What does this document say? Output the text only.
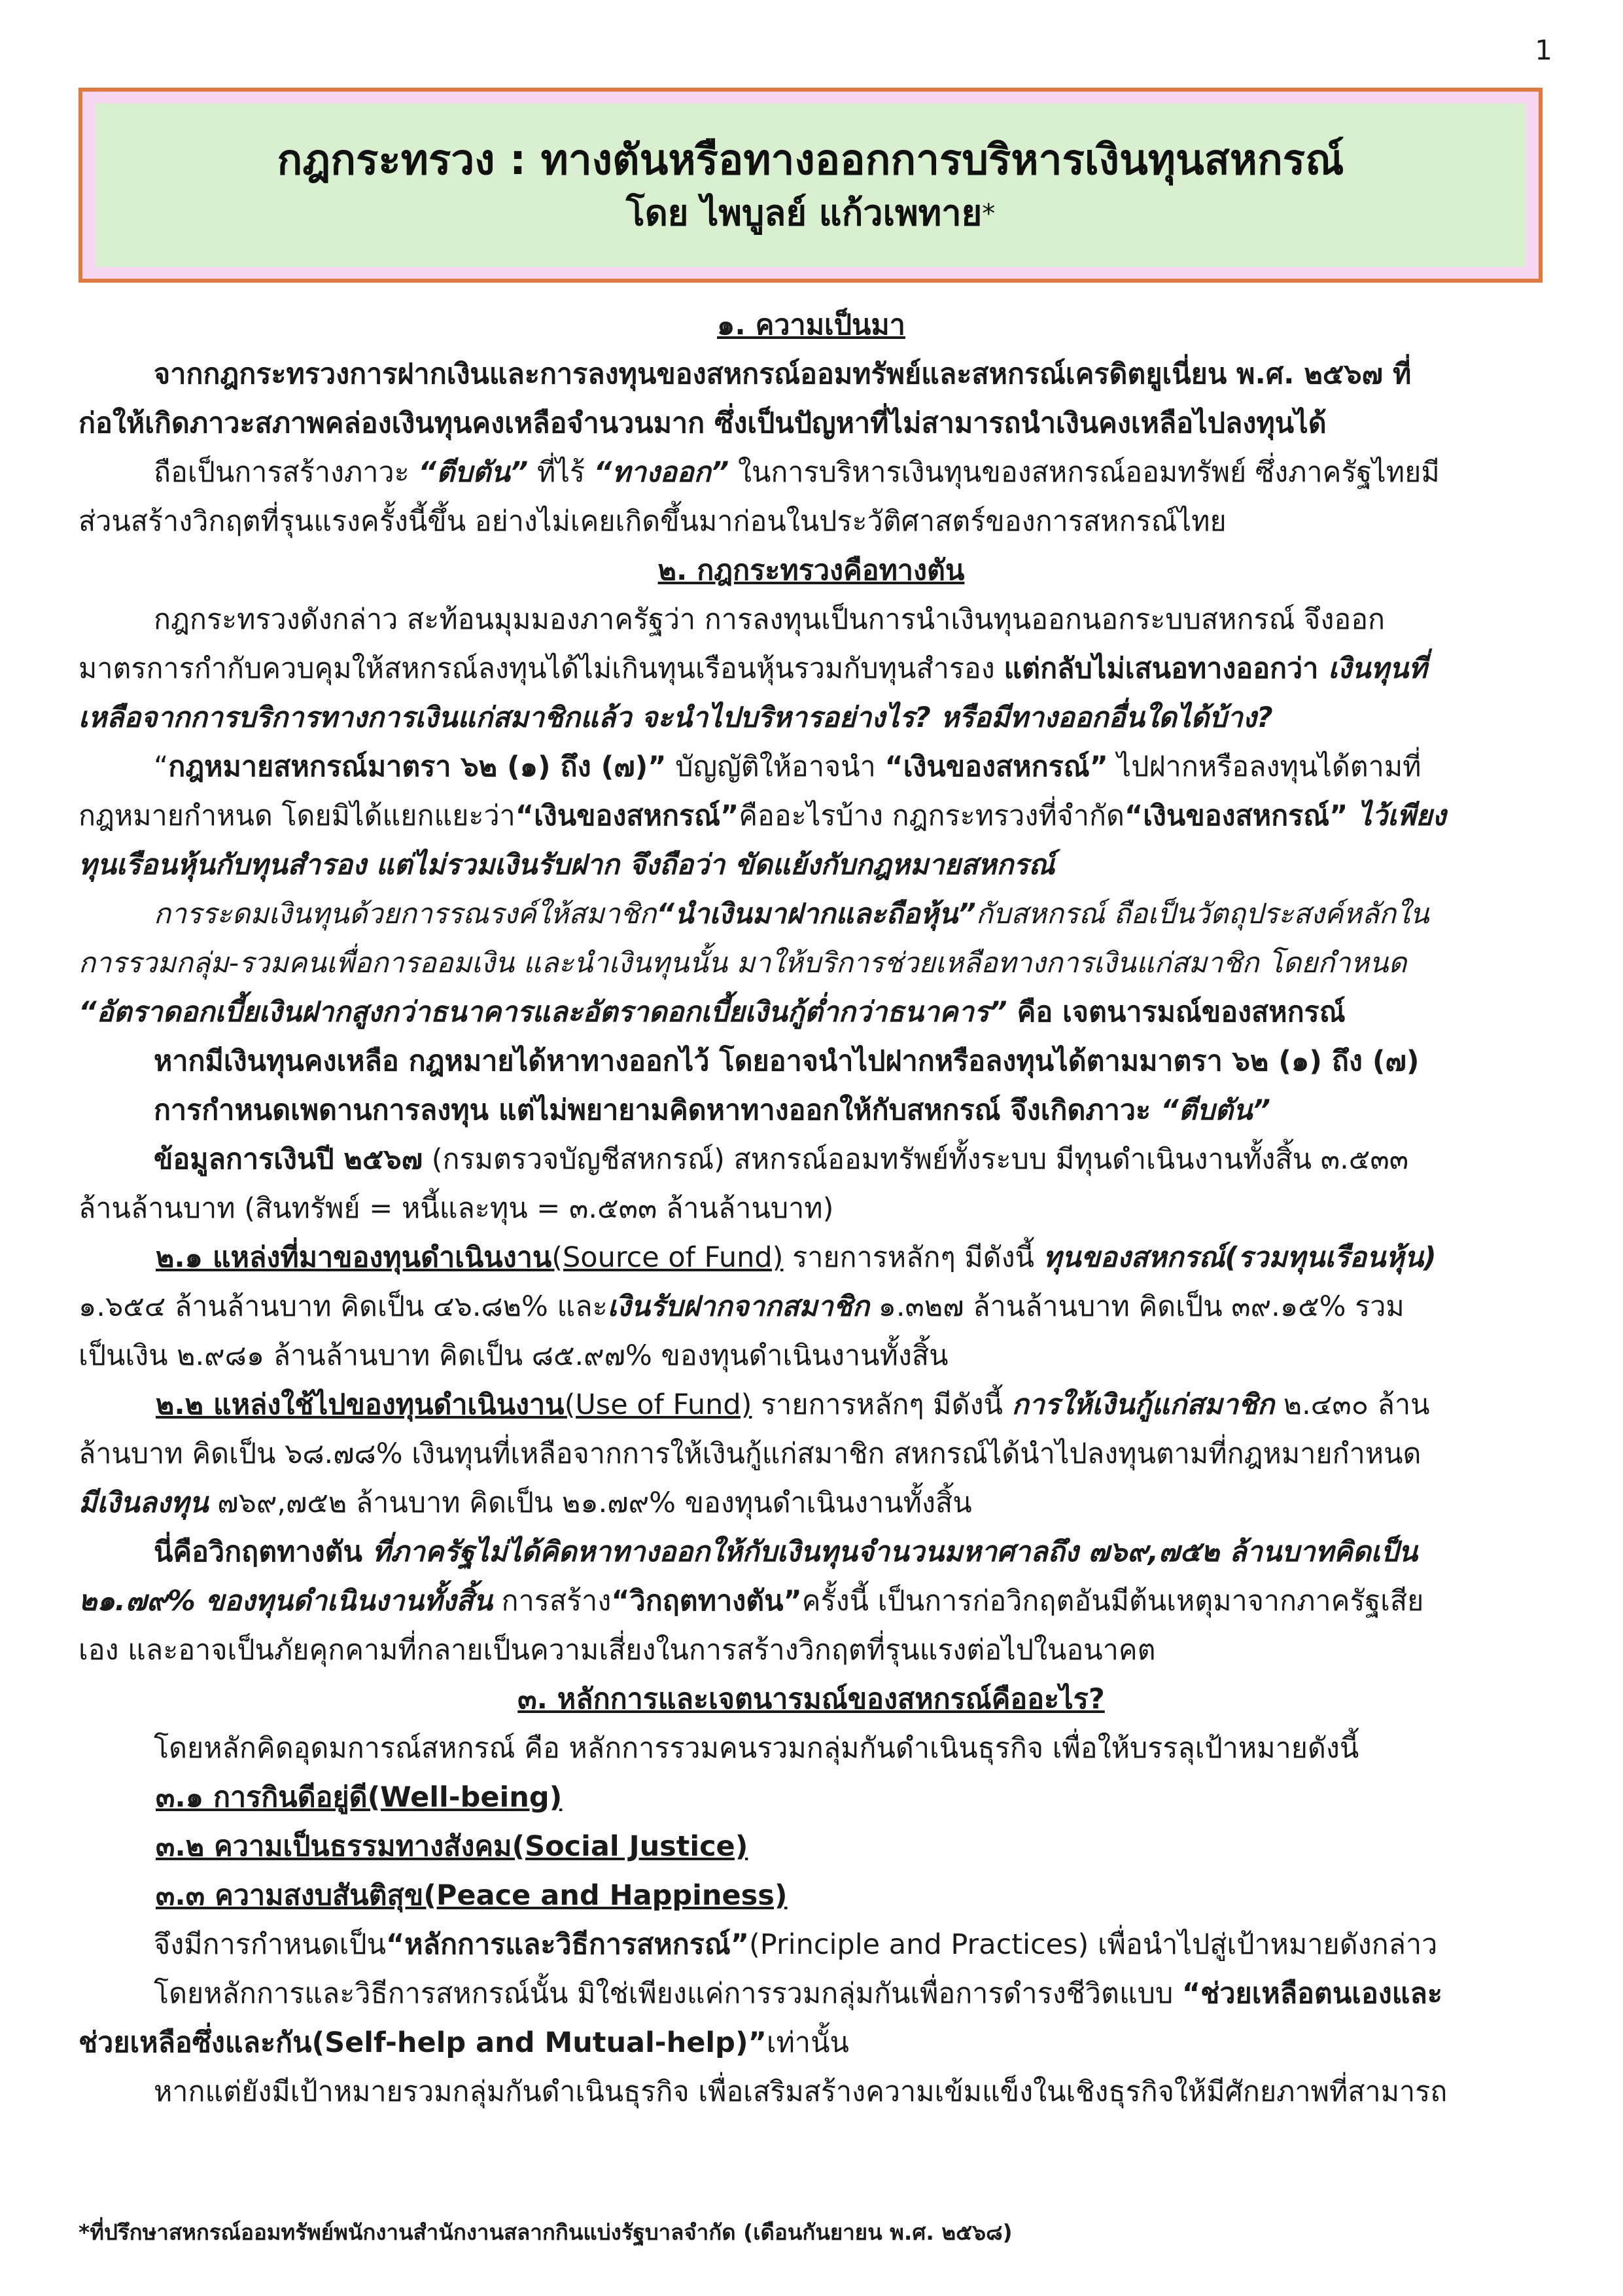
1
กฎกระทรวง : ทางตันหรือทางออกการบริหารเงินทุนสหกรณ์
โดย ไพบูลย์ แก้วเพทาย*
๑. ความเป็นมา
จากกฎกระทรวงการฝากเงินและการลงทุนของสหกรณ์ออมทรัพย์และสหกรณ์เครดิตยูเนี่ยน พ.ศ. ๒๕๖๗ ที่
ก่อให้เกิดภาวะสภาพคล่องเงินทุนคงเหลือจำนวนมาก ซึ่งเป็นปัญหาที่ไม่สามารถนำเงินคงเหลือไปลงทุนได้
ถือเป็นการสร้างภาวะ “ตีบตัน” ที่ไร้ “ทางออก” ในการบริหารเงินทุนของสหกรณ์ออมทรัพย์ ซึ่งภาครัฐไทยมี
ส่วนสร้างวิกฤตที่รุนแรงครั้งนี้ขึ้น อย่างไม่เคยเกิดขึ้นมาก่อนในประวัติศาสตร์ของการสหกรณ์ไทย
๒. กฎกระทรวงคือทางตัน
กฎกระทรวงดังกล่าว สะท้อนมุมมองภาครัฐว่า การลงทุนเป็นการนำเงินทุนออกนอกระบบสหกรณ์ จึงออก
มาตรการกำกับควบคุมให้สหกรณ์ลงทุนได้ไม่เกินทุนเรือนหุ้นรวมกับทุนสำรอง แต่กลับไม่เสนอทางออกว่า เงินทุนที่
เหลือจากการบริการทางการเงินแก่สมาชิกแล้ว จะนำไปบริหารอย่างไร? หรือมีทางออกอื่นใดได้บ้าง?
“กฎหมายสหกรณ์มาตรา ๖๒ (๑) ถึง (๗)” บัญญัติให้อาจนำ “เงินของสหกรณ์” ไปฝากหรือลงทุนได้ตามที่
กฎหมายกำหนด โดยมิได้แยกแยะว่า“เงินของสหกรณ์”คืออะไรบ้าง กฎกระทรวงที่จำกัด“เงินของสหกรณ์” ไว้เพียง
ทุนเรือนหุ้นกับทุนสำรอง แต่ไม่รวมเงินรับฝาก จึงถือว่า ขัดแย้งกับกฎหมายสหกรณ์
การระดมเงินทุนด้วยการรณรงค์ให้สมาชิก“นำเงินมาฝากและถือหุ้น”กับสหกรณ์ ถือเป็นวัตถุประสงค์หลักใน
การรวมกลุ่ม-รวมคนเพื่อการออมเงิน และนำเงินทุนนั้น มาให้บริการช่วยเหลือทางการเงินแก่สมาชิก โดยกำหนด
“อัตราดอกเบี้ยเงินฝากสูงกว่าธนาคารและอัตราดอกเบี้ยเงินกู้ต่ำกว่าธนาคาร” คือ เจตนารมณ์ของสหกรณ์
หากมีเงินทุนคงเหลือ กฎหมายได้หาทางออกไว้ โดยอาจนำไปฝากหรือลงทุนได้ตามมาตรา ๖๒ (๑) ถึง (๗)
การกำหนดเพดานการลงทุน แต่ไม่พยายามคิดหาทางออกให้กับสหกรณ์ จึงเกิดภาวะ “ตีบตัน”
ข้อมูลการเงินปี ๒๕๖๗ (กรมตรวจบัญชีสหกรณ์) สหกรณ์ออมทรัพย์ทั้งระบบ มีทุนดำเนินงานทั้งสิ้น ๓.๕๓๓
ล้านล้านบาท (สินทรัพย์ = หนี้และทุน = ๓.๕๓๓ ล้านล้านบาท)
๒.๑ แหล่งที่มาของทุนดำเนินงาน(Source of Fund) รายการหลักๆ มีดังนี้ ทุนของสหกรณ์(รวมทุนเรือนหุ้น)
๑.๖๕๔ ล้านล้านบาท คิดเป็น ๔๖.๘๒% และเงินรับฝากจากสมาชิก ๑.๓๒๗ ล้านล้านบาท คิดเป็น ๓๙.๑๕% รวม
เป็นเงิน ๒.๙๘๑ ล้านล้านบาท คิดเป็น ๘๕.๙๗% ของทุนดำเนินงานทั้งสิ้น
๒.๒ แหล่งใช้ไปของทุนดำเนินงาน(Use of Fund) รายการหลักๆ มีดังนี้ การให้เงินกู้แก่สมาชิก ๒.๔๓๐ ล้าน
ล้านบาท คิดเป็น ๖๘.๗๘% เงินทุนที่เหลือจากการให้เงินกู้แก่สมาชิก สหกรณ์ได้นำไปลงทุนตามที่กฎหมายกำหนด
มีเงินลงทุน ๗๖๙,๗๕๒ ล้านบาท คิดเป็น ๒๑.๗๙% ของทุนดำเนินงานทั้งสิ้น
นี่คือวิกฤตทางตัน ที่ภาครัฐไม่ได้คิดหาทางออกให้กับเงินทุนจำนวนมหาศาลถึง ๗๖๙,๗๕๒ ล้านบาทคิดเป็น
๒๑.๗๙% ของทุนดำเนินงานทั้งสิ้น การสร้าง“วิกฤตทางตัน”ครั้งนี้ เป็นการก่อวิกฤตอันมีต้นเหตุมาจากภาครัฐเสีย
เอง และอาจเป็นภัยคุกคามที่กลายเป็นความเสี่ยงในการสร้างวิกฤตที่รุนแรงต่อไปในอนาคต
๓. หลักการและเจตนารมณ์ของสหกรณ์คืออะไร?
โดยหลักคิดอุดมการณ์สหกรณ์ คือ หลักการรวมคนรวมกลุ่มกันดำเนินธุรกิจ เพื่อให้บรรลุเป้าหมายดังนี้
๓.๑ การกินดีอยู่ดี(Well-being)
๓.๒ ความเป็นธรรมทางสังคม(Social Justice)
๓.๓ ความสงบสันติสุข(Peace and Happiness)
จึงมีการกำหนดเป็น“หลักการและวิธีการสหกรณ์”(Principle and Practices) เพื่อนำไปสู่เป้าหมายดังกล่าว
โดยหลักการและวิธีการสหกรณ์นั้น มิใช่เพียงแค่การรวมกลุ่มกันเพื่อการดำรงชีวิตแบบ “ช่วยเหลือตนเองและ
ช่วยเหลือซึ่งและกัน(Self-help and Mutual-help)”เท่านั้น
หากแต่ยังมีเป้าหมายรวมกลุ่มกันดำเนินธุรกิจ เพื่อเสริมสร้างความเข้มแข็งในเชิงธุรกิจให้มีศักยภาพที่สามารถ
*ที่ปรึกษาสหกรณ์ออมทรัพย์พนักงานสำนักงานสลากกินแบ่งรัฐบาลจำกัด (เดือนกันยายน พ.ศ. ๒๕๖๘)
